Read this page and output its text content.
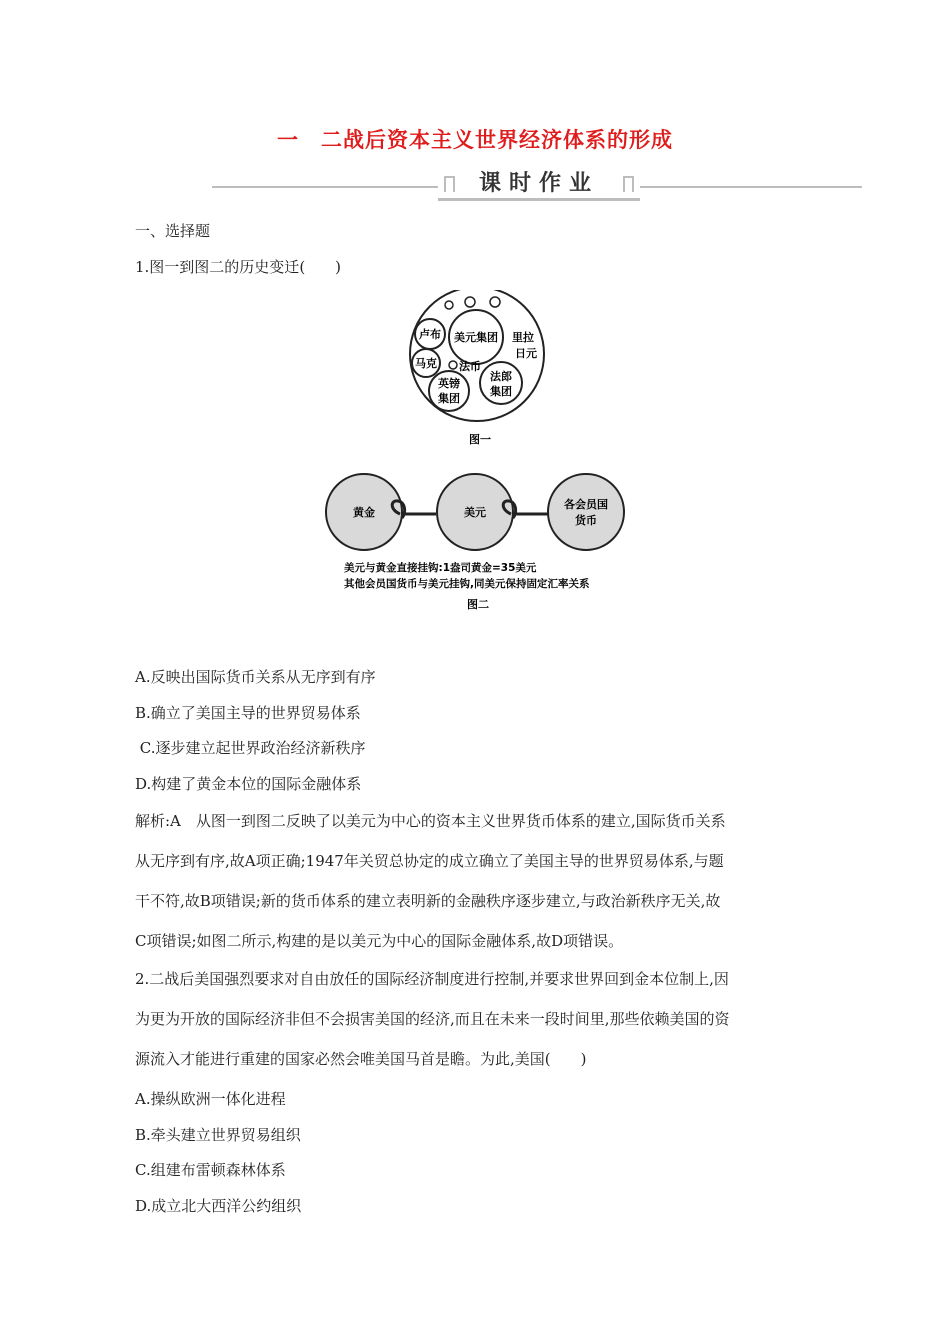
一　二战后资本主义世界经济体系的形成
课时作业
一、选择题
1.图一到图二的历史变迁(　　)
卢布 美元集团 里拉
日元
马克 法币
英镑
集团
法郎
集团
图一
黄金	美元
各会员国
货币
美元与黄金直接挂钩:1盎司黄金=35美元
其他会员国货币与美元挂钩,同美元保持固定汇率关系
图二
A.反映出国际货币关系从无序到有序
B.确立了美国主导的世界贸易体系
C.逐步建立起世界政治经济新秩序
D.构建了黄金本位的国际金融体系
解析:A　从图一到图二反映了以美元为中心的资本主义世界货币体系的建立,国际货币关系
从无序到有序,故A项正确;1947年关贸总协定的成立确立了美国主导的世界贸易体系,与题
干不符,故B项错误;新的货币体系的建立表明新的金融秩序逐步建立,与政治新秩序无关,故
C项错误;如图二所示,构建的是以美元为中心的国际金融体系,故D项错误。
2.二战后美国强烈要求对自由放任的国际经济制度进行控制,并要求世界回到金本位制上,因
为更为开放的国际经济非但不会损害美国的经济,而且在未来一段时间里,那些依赖美国的资
源流入才能进行重建的国家必然会唯美国马首是瞻。为此,美国(　　)
A.操纵欧洲一体化进程
B.牵头建立世界贸易组织
C.组建布雷顿森林体系
D.成立北大西洋公约组织
